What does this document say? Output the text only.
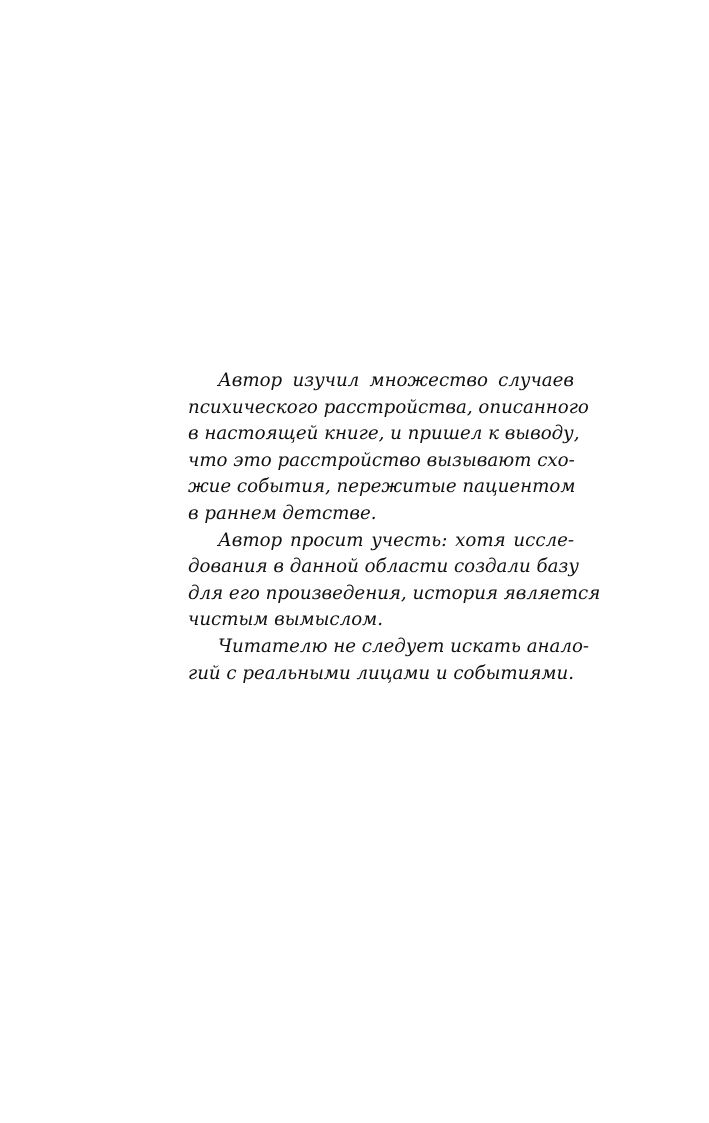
Автор изучил множество случаев
психического расстройства, описанного
в настоящей книге, и пришел к выводу,
что это расстройство вызывают схо-
жие события, пережитые пациентом
в раннем детстве.
Автор просит учесть: хотя иссле-
дования в данной области создали базу
для его произведения, история является
чистым вымыслом.
Читателю не следует искать анало-
гий с реальными лицами и событиями.
